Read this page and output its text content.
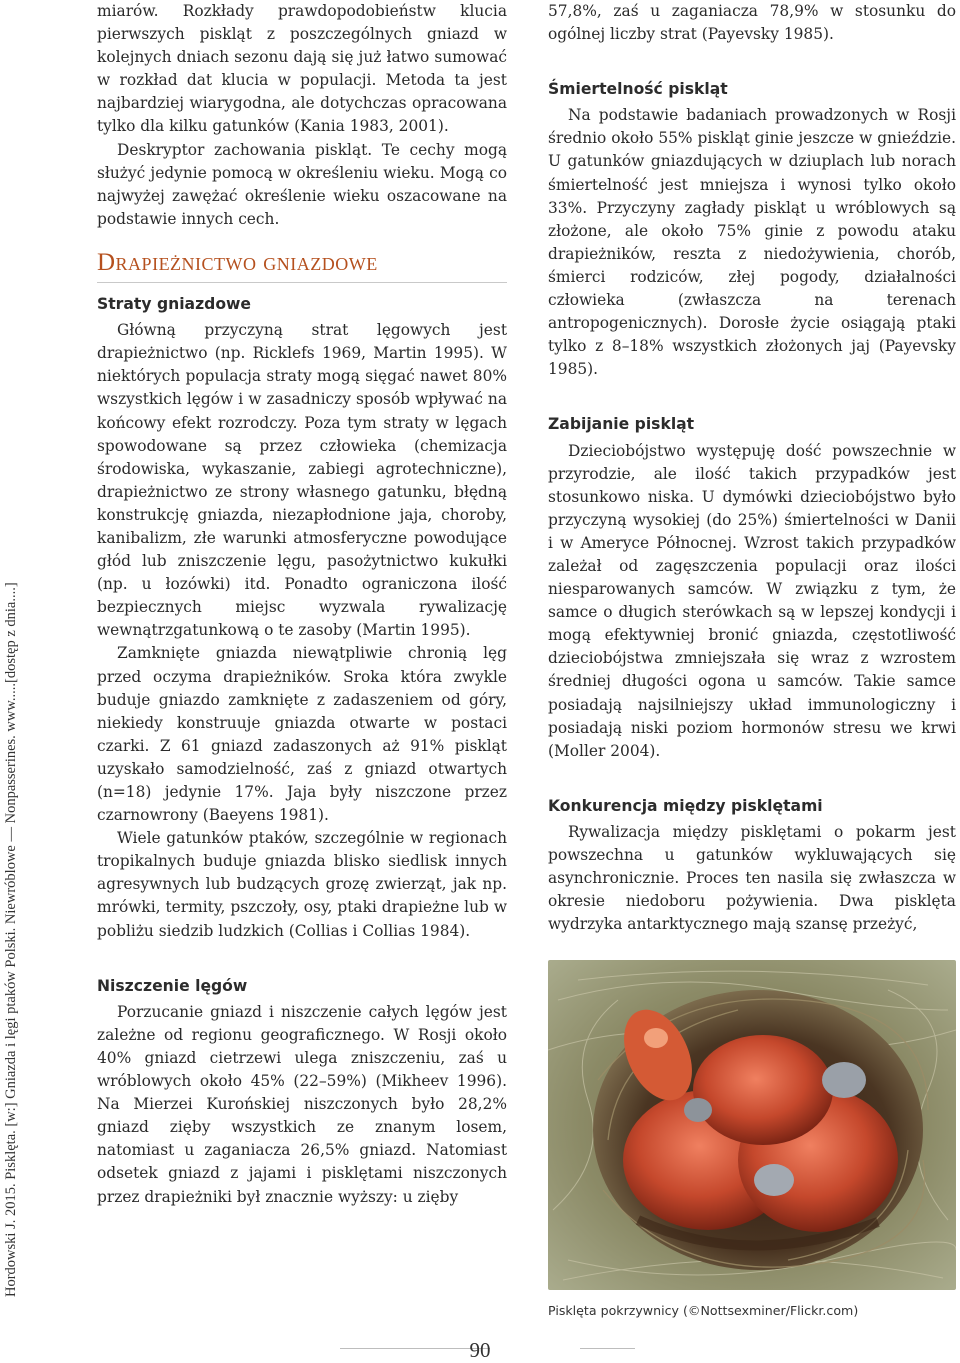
Hordowski J. 2015. Pisklęta. [w:] Gniazda i lęgi ptaków Polski. Niewróblowe — Nonpasserines. www.....[dostęp z dnia....]

miarów. Rozkłady prawdopodobieństw klucia pierwszych piskląt z poszczególnych gniazd w kolejnych dniach sezonu dają się już łatwo sumować w rozkład dat klucia w populacji. Metoda ta jest najbardziej wiarygodna, ale dotychczas opracowana tylko dla kilku gatunków (Kania 1983, 2001).

Deskryptor zachowania piskląt. Te cechy mogą służyć jedynie pomocą w określeniu wieku. Mogą co najwyżej zawężać określenie wieku oszacowane na podstawie innych cech.

Drapieżnictwo gniazdowe
Straty gniazdowe

Główną przyczyną strat lęgowych jest drapieżnictwo (np. Ricklefs 1969, Martin 1995). W niektórych populacja straty mogą sięgać nawet 80% wszystkich lęgów i w zasadniczy sposób wpływać na końcowy efekt rozrodczy. Poza tym straty w lęgach spowodowane są przez człowieka (chemizacja środowiska, wykaszanie, zabiegi agrotechniczne), drapieżnictwo ze strony własnego gatunku, błędną konstrukcję gniazda, niezapłodnione jaja, choroby, kanibalizm, złe warunki atmosferyczne powodujące głód lub zniszczenie lęgu, pasożytnictwo kukułki (np. u łozówki) itd. Ponadto ograniczona ilość bezpiecznych miejsc wyzwala rywalizację wewnątrzgatunkową o te zasoby (Martin 1995).

Zamknięte gniazda niewątpliwie chronią lęg przed oczyma drapieżników. Sroka która zwykle buduje gniazdo zamknięte z zadaszeniem od góry, niekiedy konstruuje gniazda otwarte w postaci czarki. Z 61 gniazd zadaszonych aż 91% piskląt uzyskało samodzielność, zaś z gniazd otwartych (n=18) jedynie 17%. Jaja były niszczone przez czarnowrony (Baeyens 1981).

Wiele gatunków ptaków, szczególnie w regionach tropikalnych buduje gniazda blisko siedlisk innych agresywnych lub budzących grozę zwierząt, jak np. mrówki, termity, pszczoły, osy, ptaki drapieżne lub w pobliżu siedzib ludzkich (Collias i Collias 1984).

Niszczenie lęgów

Porzucanie gniazd i niszczenie całych lęgów jest zależne od regionu geograficznego. W Rosji około 40% gniazd cietrzewi ulega zniszczeniu, zaś u wróblowych około 45% (22–59%) (Mikheev 1996). Na Mierzei Kurońskiej niszczonych było 28,2% gniazd zięby wszystkich ze znanym losem, natomiast u zaganiacza 26,5% gniazd. Natomiast odsetek gniazd z jajami i pisklętami niszczonych przez drapieżniki był znacznie wyższy: u zięby

57,8%, zaś u zaganiacza 78,9% w stosunku do ogólnej liczby strat (Payevsky 1985).

Śmiertelność piskląt

Na podstawie badaniach prowadzonych w Rosji średnio około 55% piskląt ginie jeszcze w gnieździe. U gatunków gniazdujących w dziuplach lub norach śmiertelność jest mniejsza i wynosi tylko około 33%. Przyczyny zagłady piskląt u wróblowych są złożone, ale około 75% ginie z powodu ataku drapieżników, reszta z niedożywienia, chorób, śmierci rodziców, złej pogody, działalności człowieka (zwłaszcza na terenach antropogenicznych). Dorosłe życie osiągają ptaki tylko z 8–18% wszystkich złożonych jaj (Payevsky 1985).

Zabijanie piskląt

Dzieciobójstwo występuję dość powszechnie w przyrodzie, ale ilość takich przypadków jest stosunkowo niska. U dymówki dzieciobójstwo było przyczyną wysokiej (do 25%) śmiertelności w Danii i w Ameryce Północnej. Wzrost takich przypadków zależał od zagęszczenia populacji oraz ilości niesparowanych samców. W związku z tym, że samce o długich sterówkach są w lepszej kondycji i mogą efektywniej bronić gniazda, częstotliwość dzieciobójstwa zmniejszała się wraz z wzrostem średniej długości ogona u samców. Takie samce posiadają najsilniejszy układ immunologiczny i posiadają niski poziom hormonów stresu we krwi (Moller 2004).

Konkurencja między pisklętami

Rywalizacja między pisklętami o pokarm jest powszechna u gatunków wykluwających się asynchronicznie. Proces ten nasila się zwłaszcza w okresie niedoboru pożywienia. Dwa pisklęta wydrzyka antarktycznego mają szansę przeżyć,

Pisklęta pokrzywnicy (©Nottsexminer/Flickr.com)
90
